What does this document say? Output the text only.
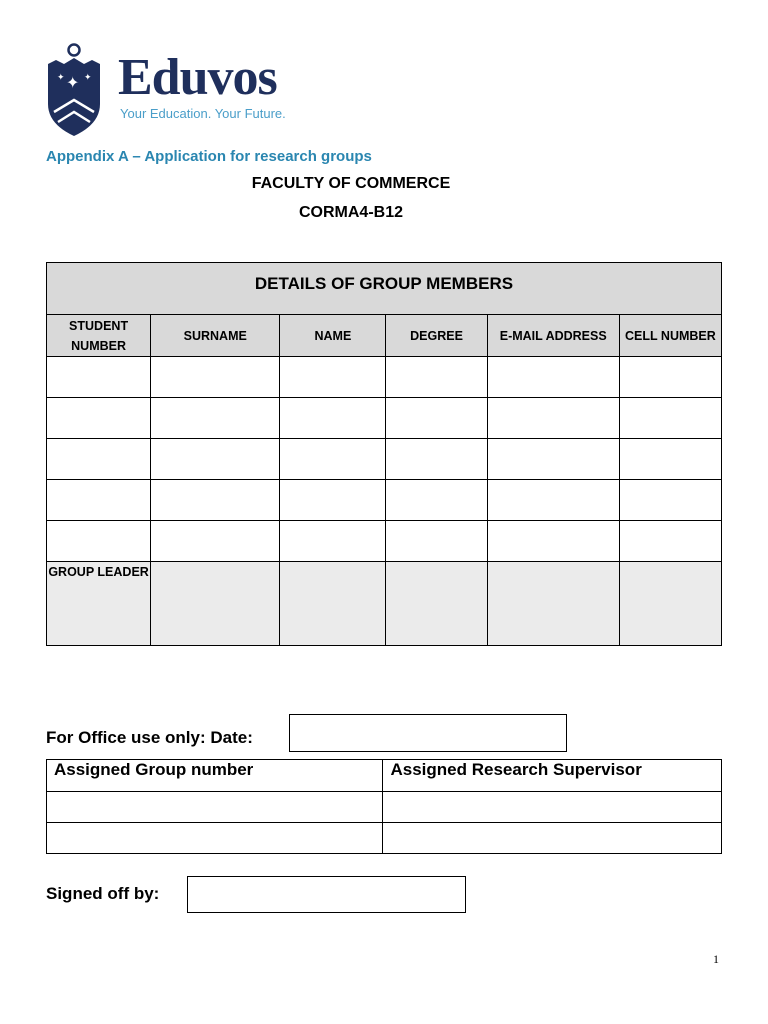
✦ ✦ ✦ Eduvos
Your Education. Your Future.
Appendix A – Application for research groups
FACULTY OF COMMERCE
CORMA4-B12
DETAILS OF GROUP MEMBERS					
STUDENT NUMBER	SURNAME	NAME	DEGREE	E-MAIL ADDRESS	CELL NUMBER

GROUP LEADER					
For Office use only: Date:
Assigned Group number	Assigned Research Supervisor

Signed off by:
1
